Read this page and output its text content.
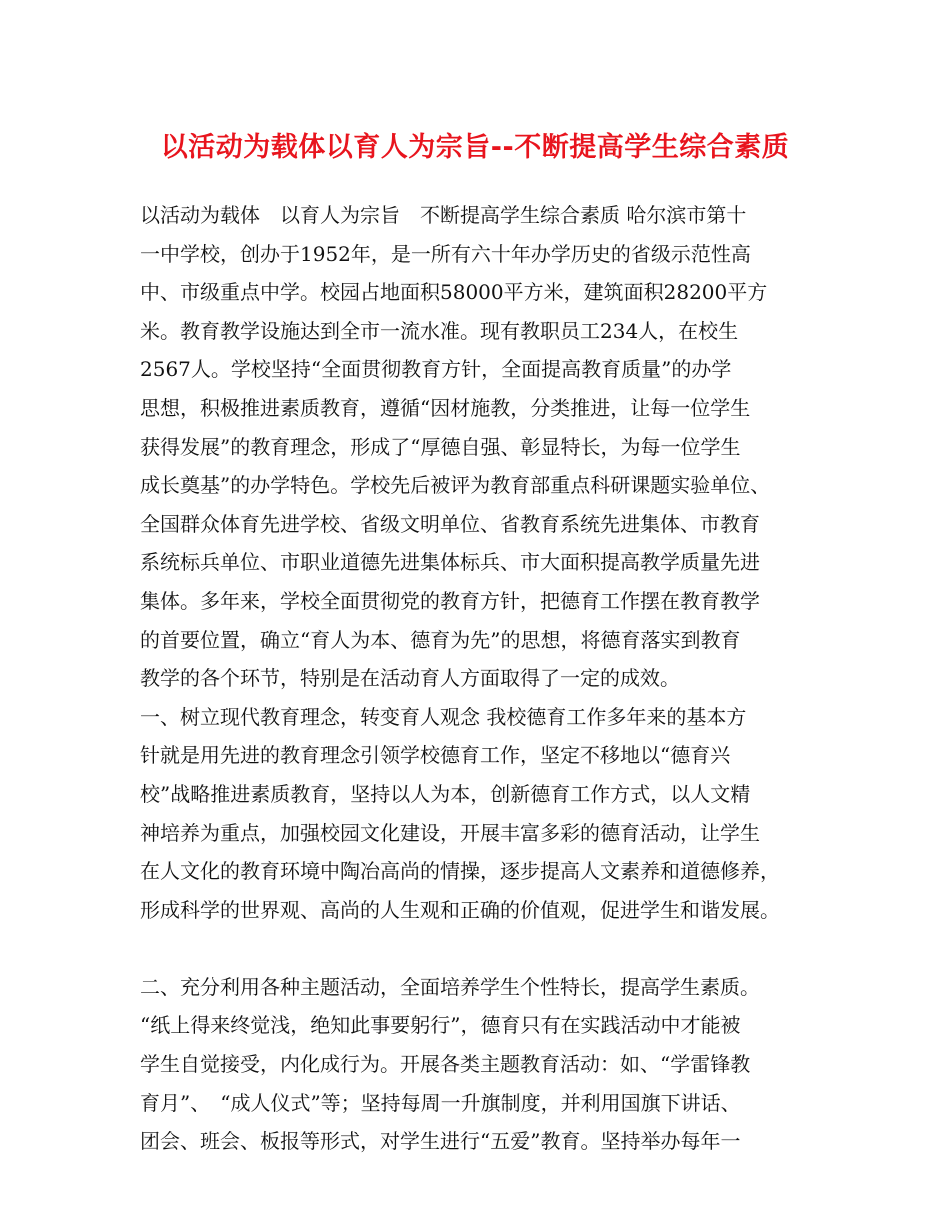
以活动为载体以育人为宗旨--不断提高学生综合素质
以活动为载体　以育人为宗旨　不断提高学生综合素质 哈尔滨市第十
一中学校，创办于1952年，是一所有六十年办学历史的省级示范性高
中、市级重点中学。校园占地面积58000平方米，建筑面积28200平方
米。教育教学设施达到全市一流水准。现有教职员工234人，在校生
2567人。学校坚持“全面贯彻教育方针，全面提高教育质量”的办学
思想，积极推进素质教育，遵循“因材施教，分类推进，让每一位学生
获得发展”的教育理念，形成了“厚德自强、彰显特长，为每一位学生
成长奠基”的办学特色。学校先后被评为教育部重点科研课题实验单位、
全国群众体育先进学校、省级文明单位、省教育系统先进集体、市教育
系统标兵单位、市职业道德先进集体标兵、市大面积提高教学质量先进
集体。多年来，学校全面贯彻党的教育方针，把德育工作摆在教育教学
的首要位置，确立“育人为本、德育为先”的思想，将德育落实到教育
教学的各个环节，特别是在活动育人方面取得了一定的成效。
一、树立现代教育理念，转变育人观念 我校德育工作多年来的基本方
针就是用先进的教育理念引领学校德育工作，坚定不移地以“德育兴
校”战略推进素质教育，坚持以人为本，创新德育工作方式，以人文精
神培养为重点，加强校园文化建设，开展丰富多彩的德育活动，让学生
在人文化的教育环境中陶冶高尚的情操，逐步提高人文素养和道德修养，
形成科学的世界观、高尚的人生观和正确的价值观，促进学生和谐发展。
二、充分利用各种主题活动，全面培养学生个性特长，提高学生素质。
“纸上得来终觉浅，绝知此事要躬行”，德育只有在实践活动中才能被
学生自觉接受，内化成行为。开展各类主题教育活动：如、“学雷锋教
育月”、　“成人仪式”等；坚持每周一升旗制度，并利用国旗下讲话、
团会、班会、板报等形式，对学生进行“五爱”教育。坚持举办每年一
